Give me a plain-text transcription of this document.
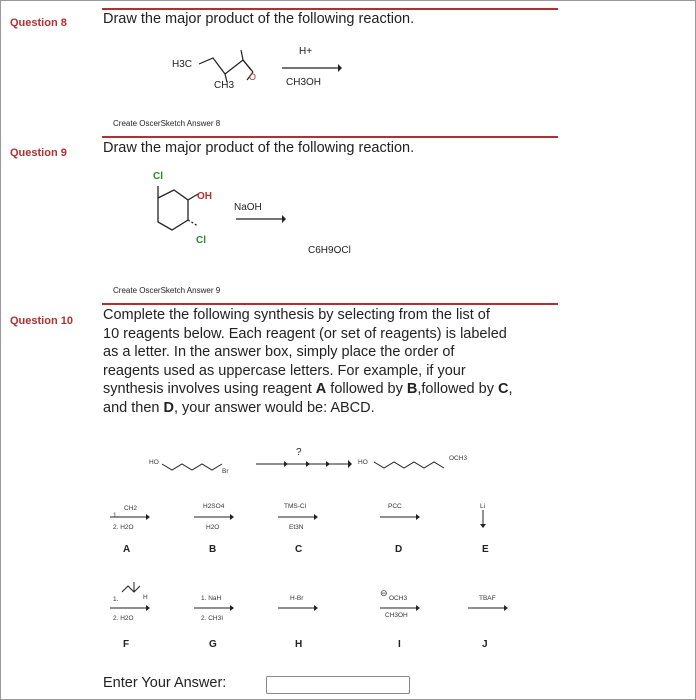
Question 8 Draw the major product of the following reaction.
H3C
CH3
O
H+
CH3OH
Create OscerSketch Answer 8
Question 9 Draw the major product of the following reaction.
Cl
OH
Cl
NaOH
C6H9OCl
Create OscerSketch Answer 9
Question 10 Complete the following synthesis by selecting from the list of
10 reagents below. Each reagent (or set of reagents) is labeled
as a letter. In the answer box, simply place the order of
reagents used as uppercase letters. For example, if your
synthesis involves using reagent A followed by B,followed by C,
and then D, your answer would be: ABCD.
HO
Br
?
HO
OCH3
1.
CH2
2. H2O
A
H2SO4
H2O
B
TMS-Cl
Et3N
C
PCC
D
Li
E
1.	H
2. H2O
F
1. NaH
2. CH3I
G
H-Br
H
⊖
OCH3
CH3OH
I
TBAF
J
Enter Your Answer:
